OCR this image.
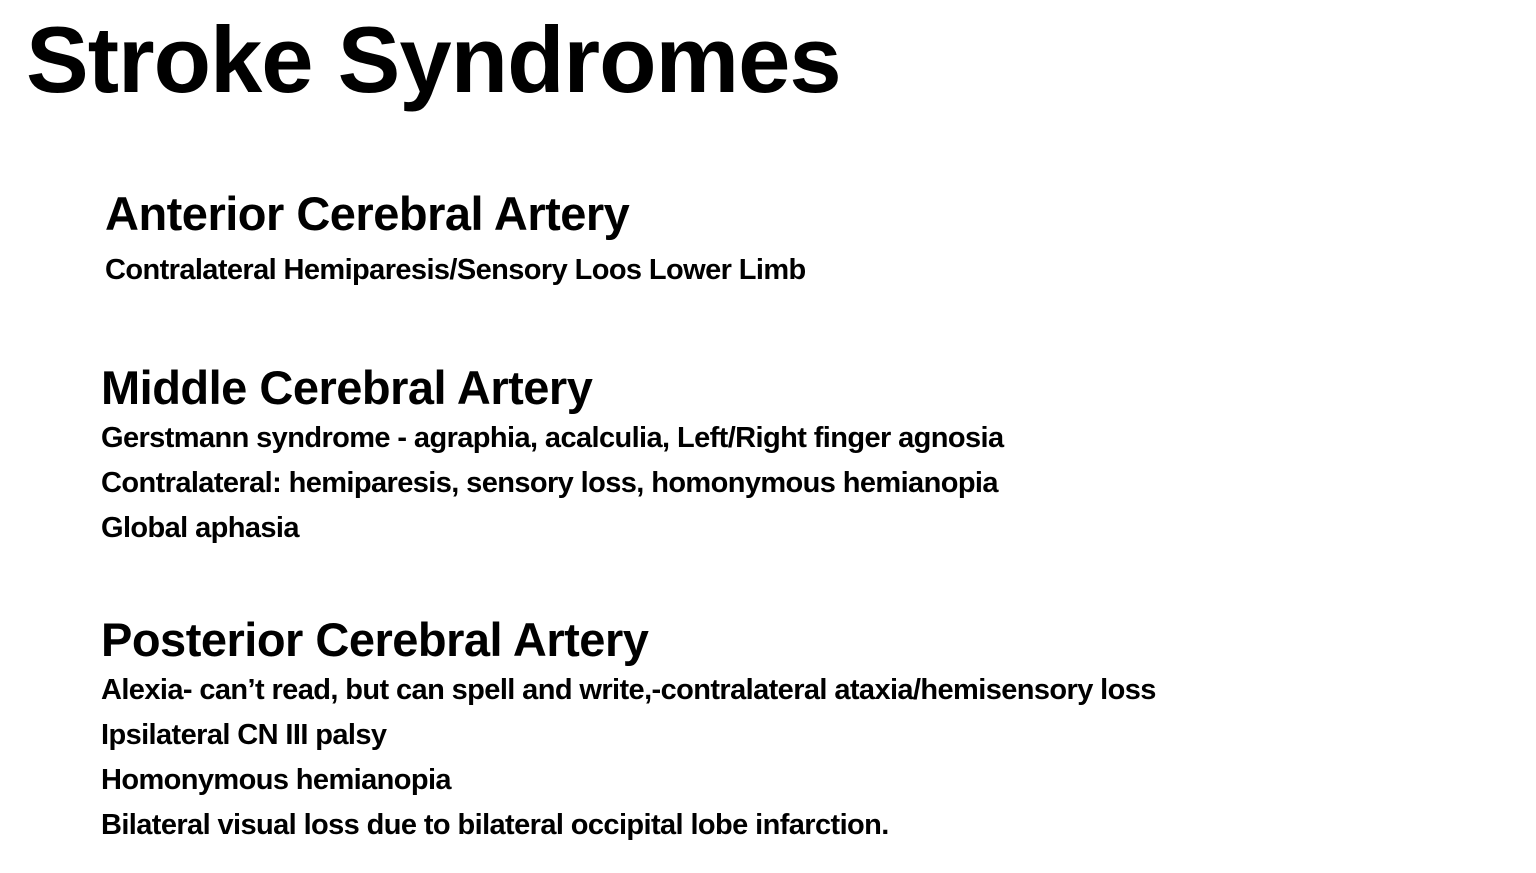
Stroke Syndromes
Anterior Cerebral Artery

Contralateral Hemiparesis/Sensory Loos Lower Limb

Middle Cerebral Artery

Gerstmann syndrome - agraphia, acalculia, Left/Right finger agnosia

Contralateral: hemiparesis, sensory loss, homonymous hemianopia

Global aphasia

Posterior Cerebral Artery

Alexia- can’t read, but can spell and write,-contralateral ataxia/hemisensory loss

Ipsilateral CN III palsy

Homonymous hemianopia

Bilateral visual loss due to bilateral occipital lobe infarction.
